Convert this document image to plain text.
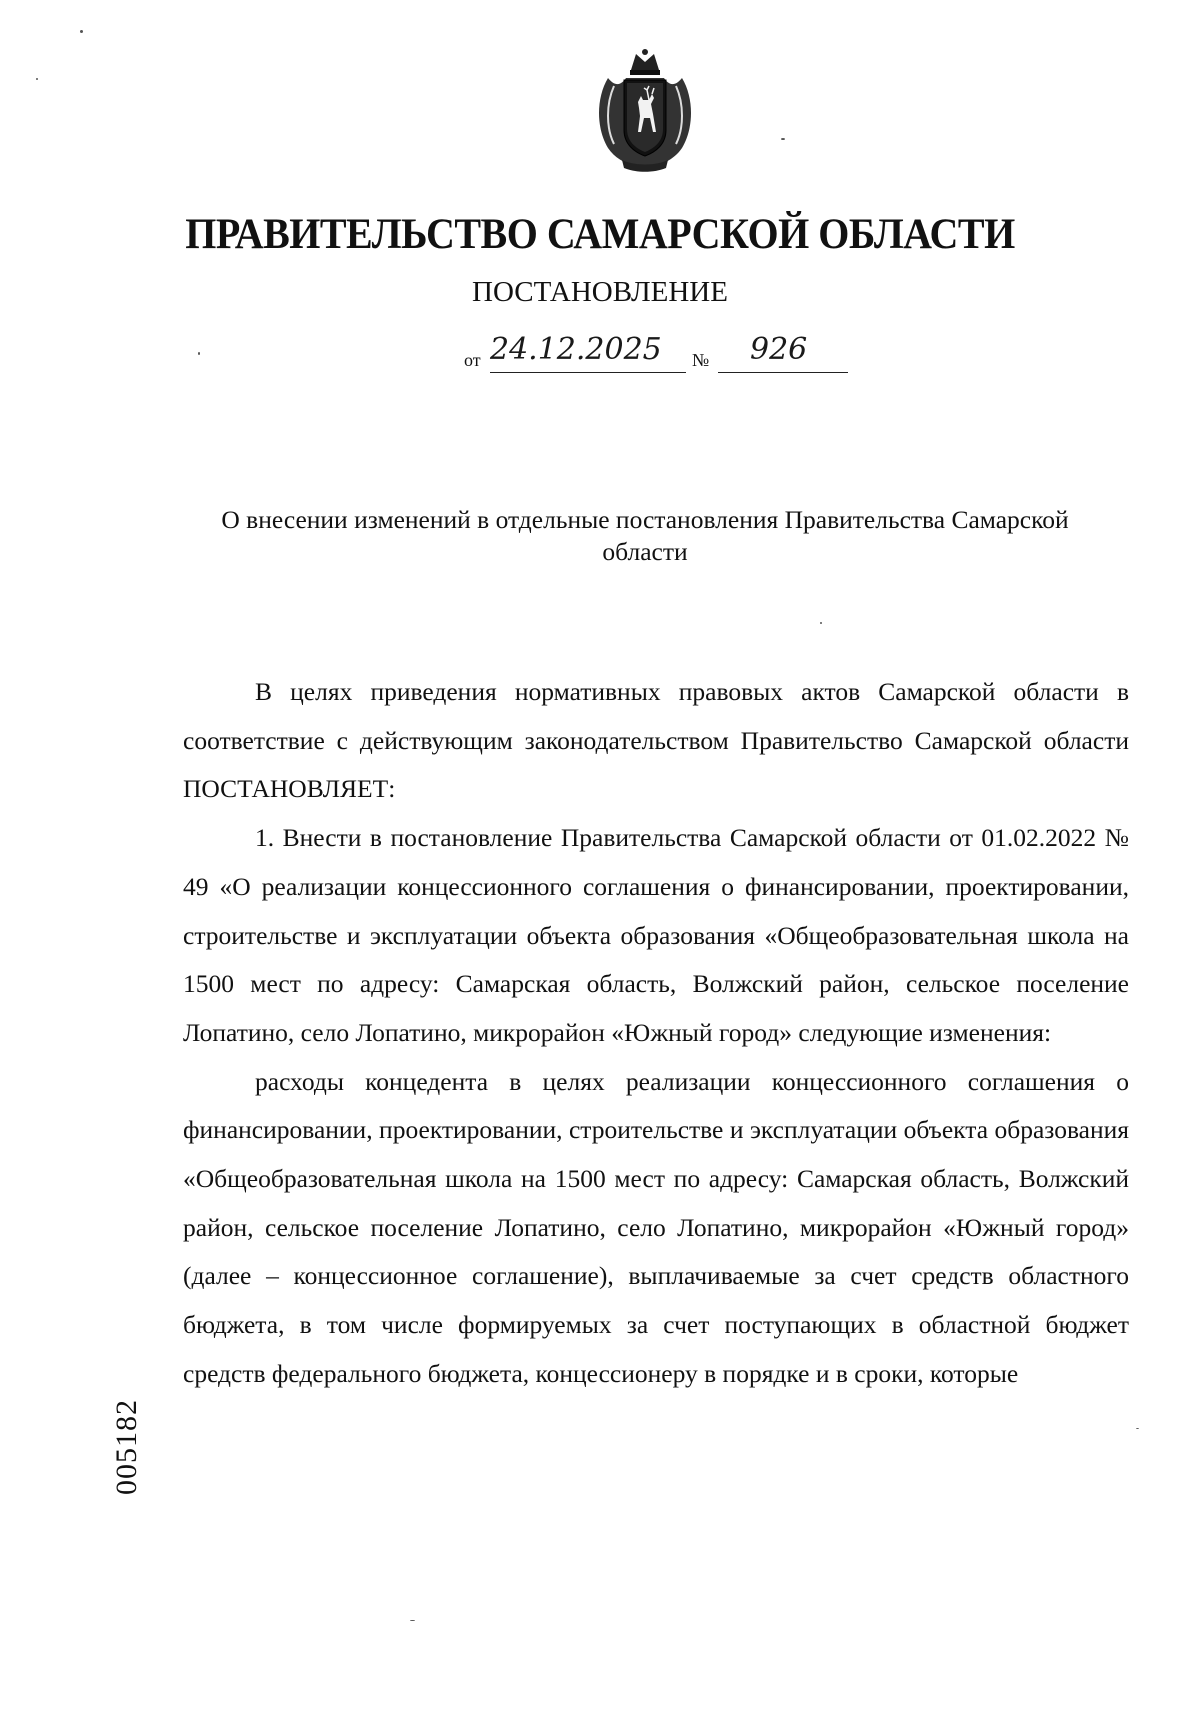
ПРАВИТЕЛЬСТВО САМАРСКОЙ ОБЛАСТИ
ПОСТАНОВЛЕНИЕ
от 24.12.2025 № 926
О внесении изменений в отдельные постановления Правительства Самарской области

В целях приведения нормативных правовых актов Самарской области в соответствие с действующим законодательством Правительство Самарской области ПОСТАНОВЛЯЕТ:

1. Внести в постановление Правительства Самарской области от 01.02.2022 № 49 «О реализации концессионного соглашения о финансировании, проектировании, строительстве и эксплуатации объекта образования «Общеобразовательная школа на 1500 мест по адресу: Самарская область, Волжский район, сельское поселение Лопатино, село Лопатино, микрорайон «Южный город» следующие изменения:

расходы концедента в целях реализации концессионного соглашения о финансировании, проектировании, строительстве и эксплуатации объекта образования «Общеобразовательная школа на 1500 мест по адресу: Самарская область, Волжский район, сельское поселение Лопатино, село Лопатино, микрорайон «Южный город» (далее – концессионное соглашение), выплачиваемые за счет средств областного бюджета, в том числе формируемых за счет поступающих в областной бюджет средств федерального бюджета, концессионеру в порядке и в сроки, которые

005182
